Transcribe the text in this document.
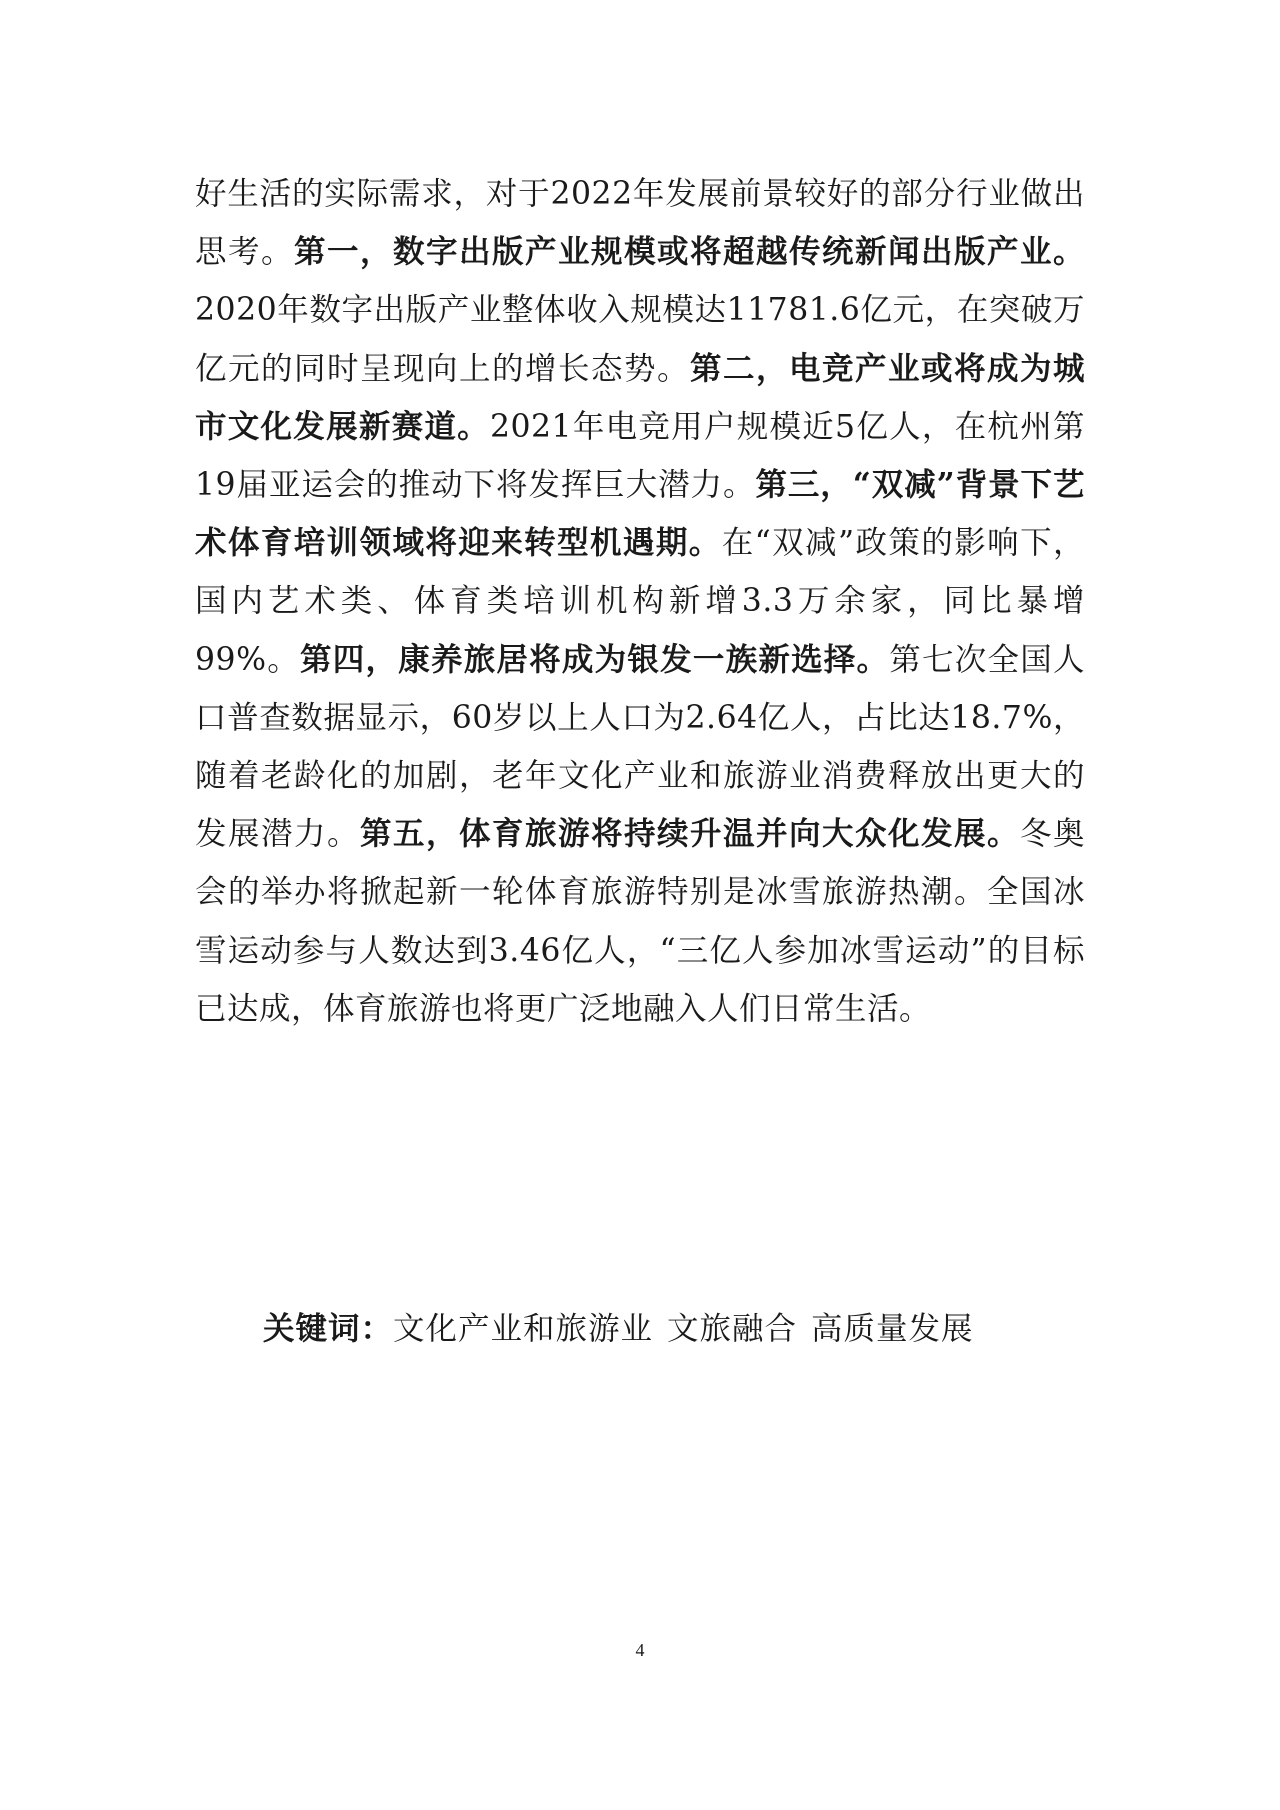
好生活的实际需求，对于2022年发展前景较好的部分行业做出思考。第一，数字出版产业规模或将超越传统新闻出版产业。2020年数字出版产业整体收入规模达11781.6亿元，在突破万亿元的同时呈现向上的增长态势。第二，电竞产业或将成为城市文化发展新赛道。2021年电竞用户规模近5亿人，在杭州第19届亚运会的推动下将发挥巨大潜力。第三，“双减”背景下艺术体育培训领域将迎来转型机遇期。在“双减”政策的影响下，国内艺术类、体育类培训机构新增3.3万余家，同比暴增99%。第四，康养旅居将成为银发一族新选择。第七次全国人口普查数据显示，60岁以上人口为2.64亿人，占比达18.7%，随着老龄化的加剧，老年文化产业和旅游业消费释放出更大的发展潜力。第五，体育旅游将持续升温并向大众化发展。冬奥会的举办将掀起新一轮体育旅游特别是冰雪旅游热潮。全国冰雪运动参与人数达到3.46亿人，“三亿人参加冰雪运动”的目标已达成，体育旅游也将更广泛地融入人们日常生活。

关键词：文化产业和旅游业 文旅融合 高质量发展

4
